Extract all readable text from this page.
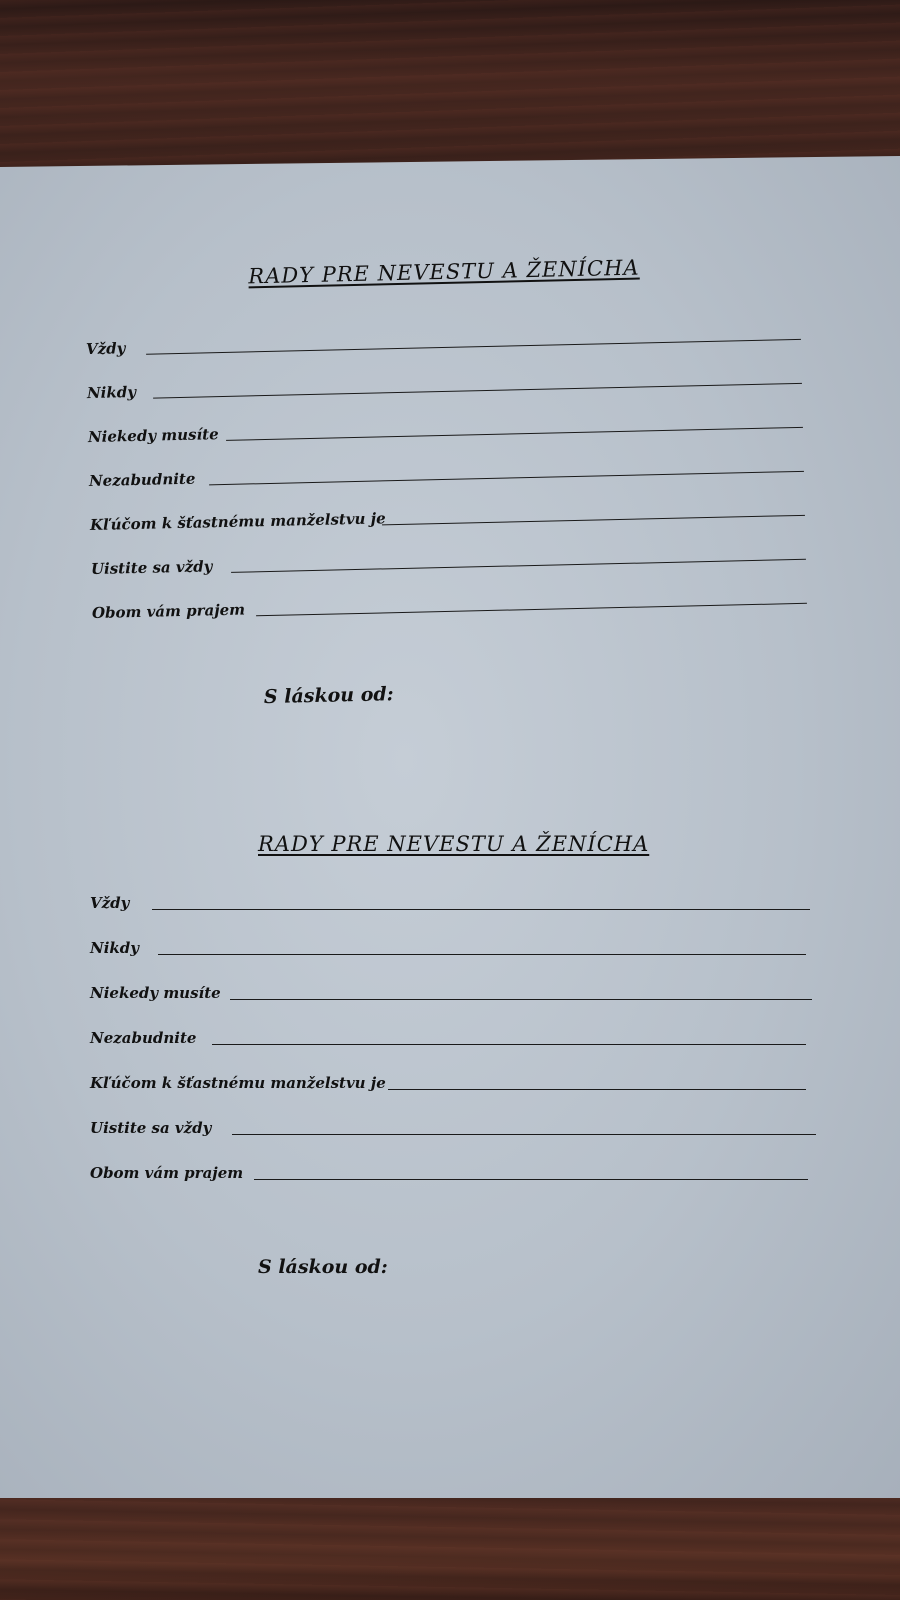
RADY PRE NEVESTU A ŽENÍCHA
Vždy
Nikdy
Niekedy musíte
Nezabudnite
Kľúčom k šťastnému manželstvu je
Uistite sa vždy
Obom vám prajem
S láskou od:
RADY PRE NEVESTU A ŽENÍCHA
Vždy
Nikdy
Niekedy musíte
Nezabudnite
Kľúčom k šťastnému manželstvu je
Uistite sa vždy
Obom vám prajem
S láskou od:
